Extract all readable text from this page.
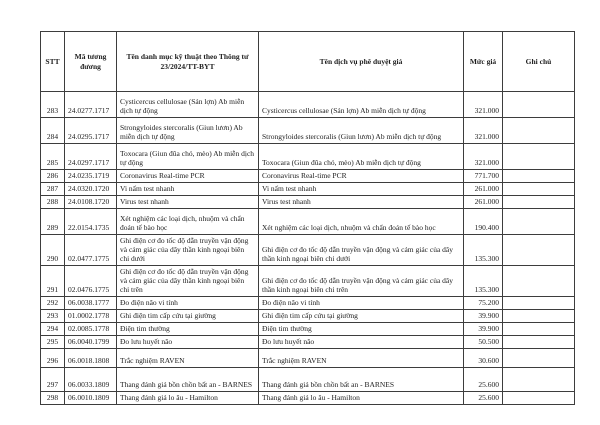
STT	Mã tương đương	Tên danh mục kỹ thuật theo Thông tư 23/2024/TT-BYT	Tên dịch vụ phê duyệt giá	Mức giá	Ghi chú
283	24.0277.1717	Cysticercus cellulosae (Sán lợn) Ab miễn dịch tự động	Cysticercus cellulosae (Sán lợn) Ab miễn dịch tự động	321.000	
284	24.0295.1717	Strongyloides stercoralis (Giun lươn) Ab miễn dịch tự động	Strongyloides stercoralis (Giun lươn) Ab miễn dịch tự động	321.000	
285	24.0297.1717	Toxocara (Giun đũa chó, mèo) Ab miễn dịch tự động	Toxocara (Giun đũa chó, mèo) Ab miễn dịch tự động	321.000	
286	24.0235.1719	Coronavirus Real-time PCR	Coronavirus Real-time PCR	771.700	
287	24.0320.1720	Vi nấm test nhanh	Vi nấm test nhanh	261.000	
288	24.0108.1720	Virus test nhanh	Virus test nhanh	261.000	
289	22.0154.1735	Xét nghiệm các loại dịch, nhuộm và chẩn đoán tế bào học	Xét nghiệm các loại dịch, nhuộm và chẩn đoán tế bào học	190.400	
290	02.0477.1775	Ghi điện cơ đo tốc độ dẫn truyền vận động và cảm giác của dây thần kinh ngoại biên chi dưới	Ghi điện cơ đo tốc độ dẫn truyền vận động và cảm giác của dây thần kinh ngoại biên chi dưới	135.300	
291	02.0476.1775	Ghi điện cơ đo tốc độ dẫn truyền vận động và cảm giác của dây thần kinh ngoại biên chi trên	Ghi điện cơ đo tốc độ dẫn truyền vận động và cảm giác của dây thần kinh ngoại biên chi trên	135.300	
292	06.0038.1777	Đo điện não vi tính	Đo điện não vi tính	75.200	
293	01.0002.1778	Ghi điện tim cấp cứu tại giường	Ghi điện tim cấp cứu tại giường	39.900	
294	02.0085.1778	Điện tim thường	Điện tim thường	39.900	
295	06.0040.1799	Đo lưu huyết não	Đo lưu huyết não	50.500	
296	06.0018.1808	Trắc nghiệm RAVEN	Trắc nghiệm RAVEN	30.600	
297	06.0033.1809	Thang đánh giá bồn chồn bất an - BARNES	Thang đánh giá bồn chồn bất an - BARNES	25.600	
298	06.0010.1809	Thang đánh giá lo âu - Hamilton	Thang đánh giá lo âu - Hamilton	25.600	
